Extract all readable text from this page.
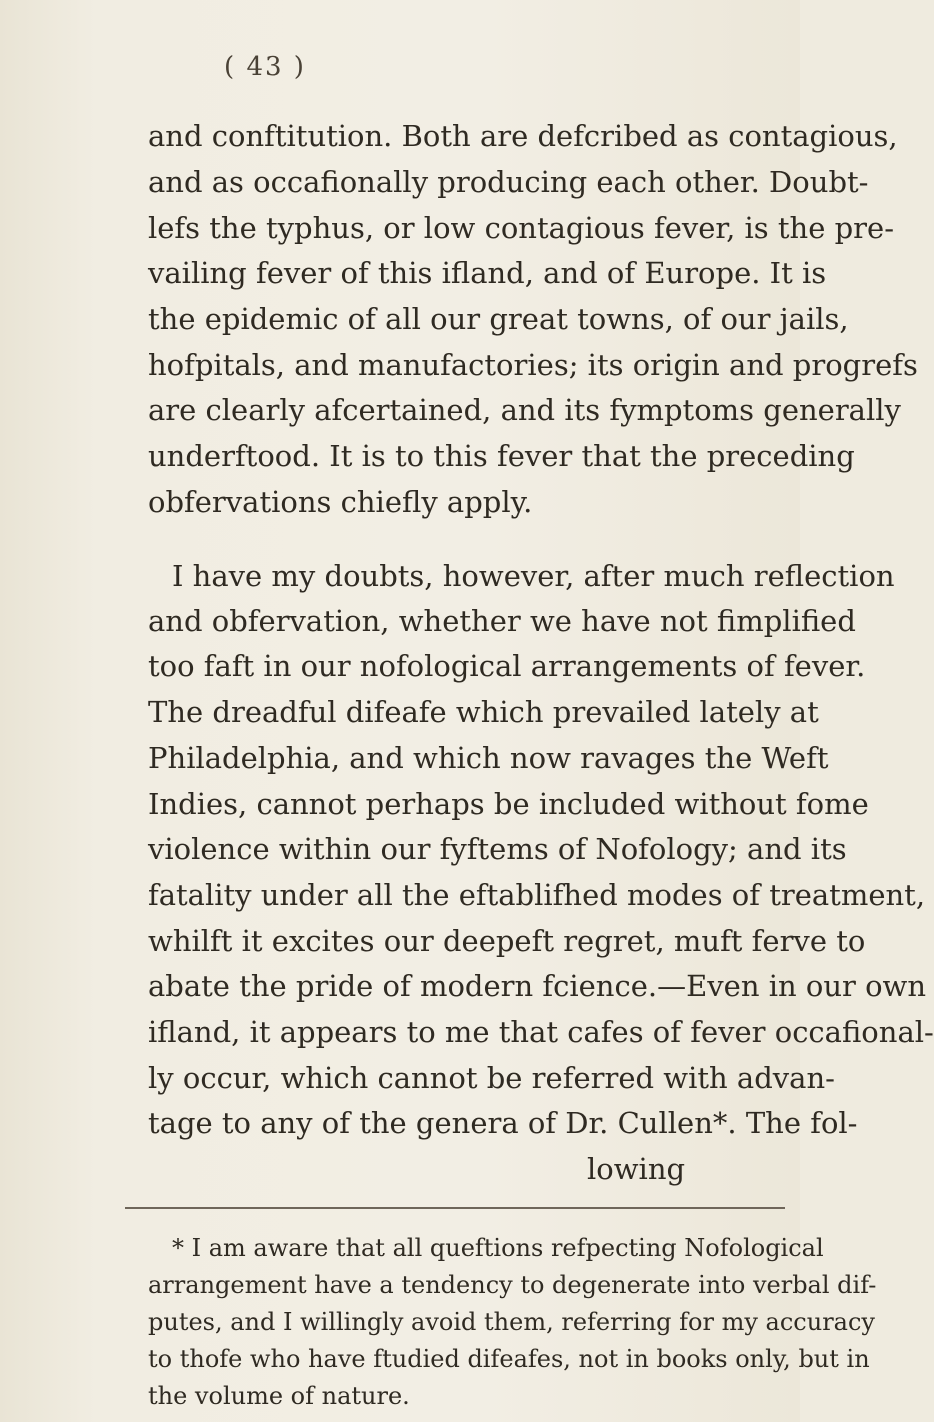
( 43 )
and conftitution. Both are defcribed as contagious,
and as occafionally producing each other. Doubt-
lefs the typhus, or low contagious fever, is the pre-
vailing fever of this ifland, and of Europe. It is
the epidemic of all our great towns, of our jails,
hofpitals, and manufactories; its origin and progrefs
are clearly afcertained, and its fymptoms generally
underftood. It is to this fever that the preceding
obfervations chiefly apply.
I have my doubts, however, after much reflection
and obfervation, whether we have not fimplified
too faft in our nofological arrangements of fever.
The dreadful difeafe which prevailed lately at
Philadelphia, and which now ravages the Weft
Indies, cannot perhaps be included without fome
violence within our fyftems of Nofology; and its
fatality under all the eftablifhed modes of treatment,
whilft it excites our deepeft regret, muft ferve to
abate the pride of modern fcience.—Even in our own
ifland, it appears to me that cafes of fever occafional-
ly occur, which cannot be referred with advan-
tage to any of the genera of Dr. Cullen*. The fol-
lowing
* I am aware that all queftions refpecting Nofological
arrangement have a tendency to degenerate into verbal dif-
putes, and I willingly avoid them, referring for my accuracy
to thofe who have ftudied difeafes, not in books only, but in
the volume of nature.
